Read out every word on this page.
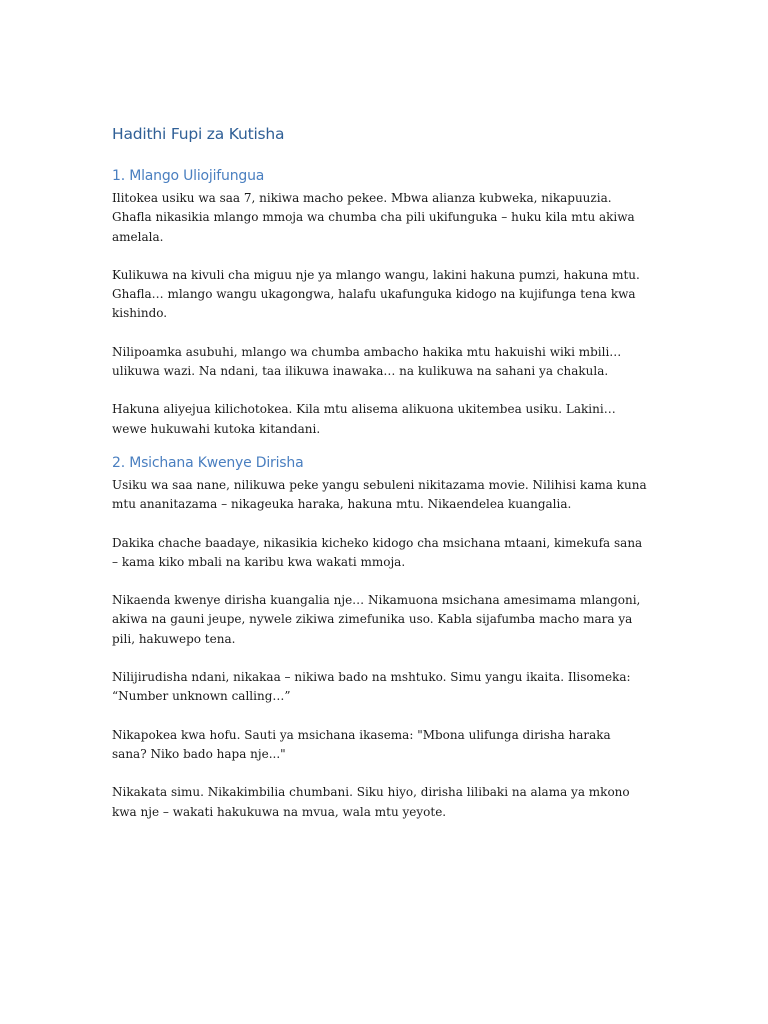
Hadithi Fupi za Kutisha
1. Mlango Uliojifungua

Ilitokea usiku wa saa 7, nikiwa macho pekee. Mbwa alianza kubweka, nikapuuzia. Ghafla nikasikia mlango mmoja wa chumba cha pili ukifunguka – huku kila mtu akiwa amelala.

Kulikuwa na kivuli cha miguu nje ya mlango wangu, lakini hakuna pumzi, hakuna mtu. Ghafla… mlango wangu ukagongwa, halafu ukafunguka kidogo na kujifunga tena kwa kishindo.

Nilipoamka asubuhi, mlango wa chumba ambacho hakika mtu hakuishi wiki mbili… ulikuwa wazi. Na ndani, taa ilikuwa inawaka… na kulikuwa na sahani ya chakula.

Hakuna aliyejua kilichotokea. Kila mtu alisema alikuona ukitembea usiku. Lakini… wewe hukuwahi kutoka kitandani.

2. Msichana Kwenye Dirisha

Usiku wa saa nane, nilikuwa peke yangu sebuleni nikitazama movie. Nilihisi kama kuna mtu ananitazama – nikageuka haraka, hakuna mtu. Nikaendelea kuangalia.

Dakika chache baadaye, nikasikia kicheko kidogo cha msichana mtaani, kimekufa sana – kama kiko mbali na karibu kwa wakati mmoja.

Nikaenda kwenye dirisha kuangalia nje… Nikamuona msichana amesimama mlangoni, akiwa na gauni jeupe, nywele zikiwa zimefunika uso. Kabla sijafumba macho mara ya pili, hakuwepo tena.

Nilijirudisha ndani, nikakaa – nikiwa bado na mshtuko. Simu yangu ikaita. Ilisomeka: “Number unknown calling…”

Nikapokea kwa hofu. Sauti ya msichana ikasema: "Mbona ulifunga dirisha haraka sana? Niko bado hapa nje..."

Nikakata simu. Nikakimbilia chumbani. Siku hiyo, dirisha lilibaki na alama ya mkono kwa nje – wakati hakukuwa na mvua, wala mtu yeyote.
